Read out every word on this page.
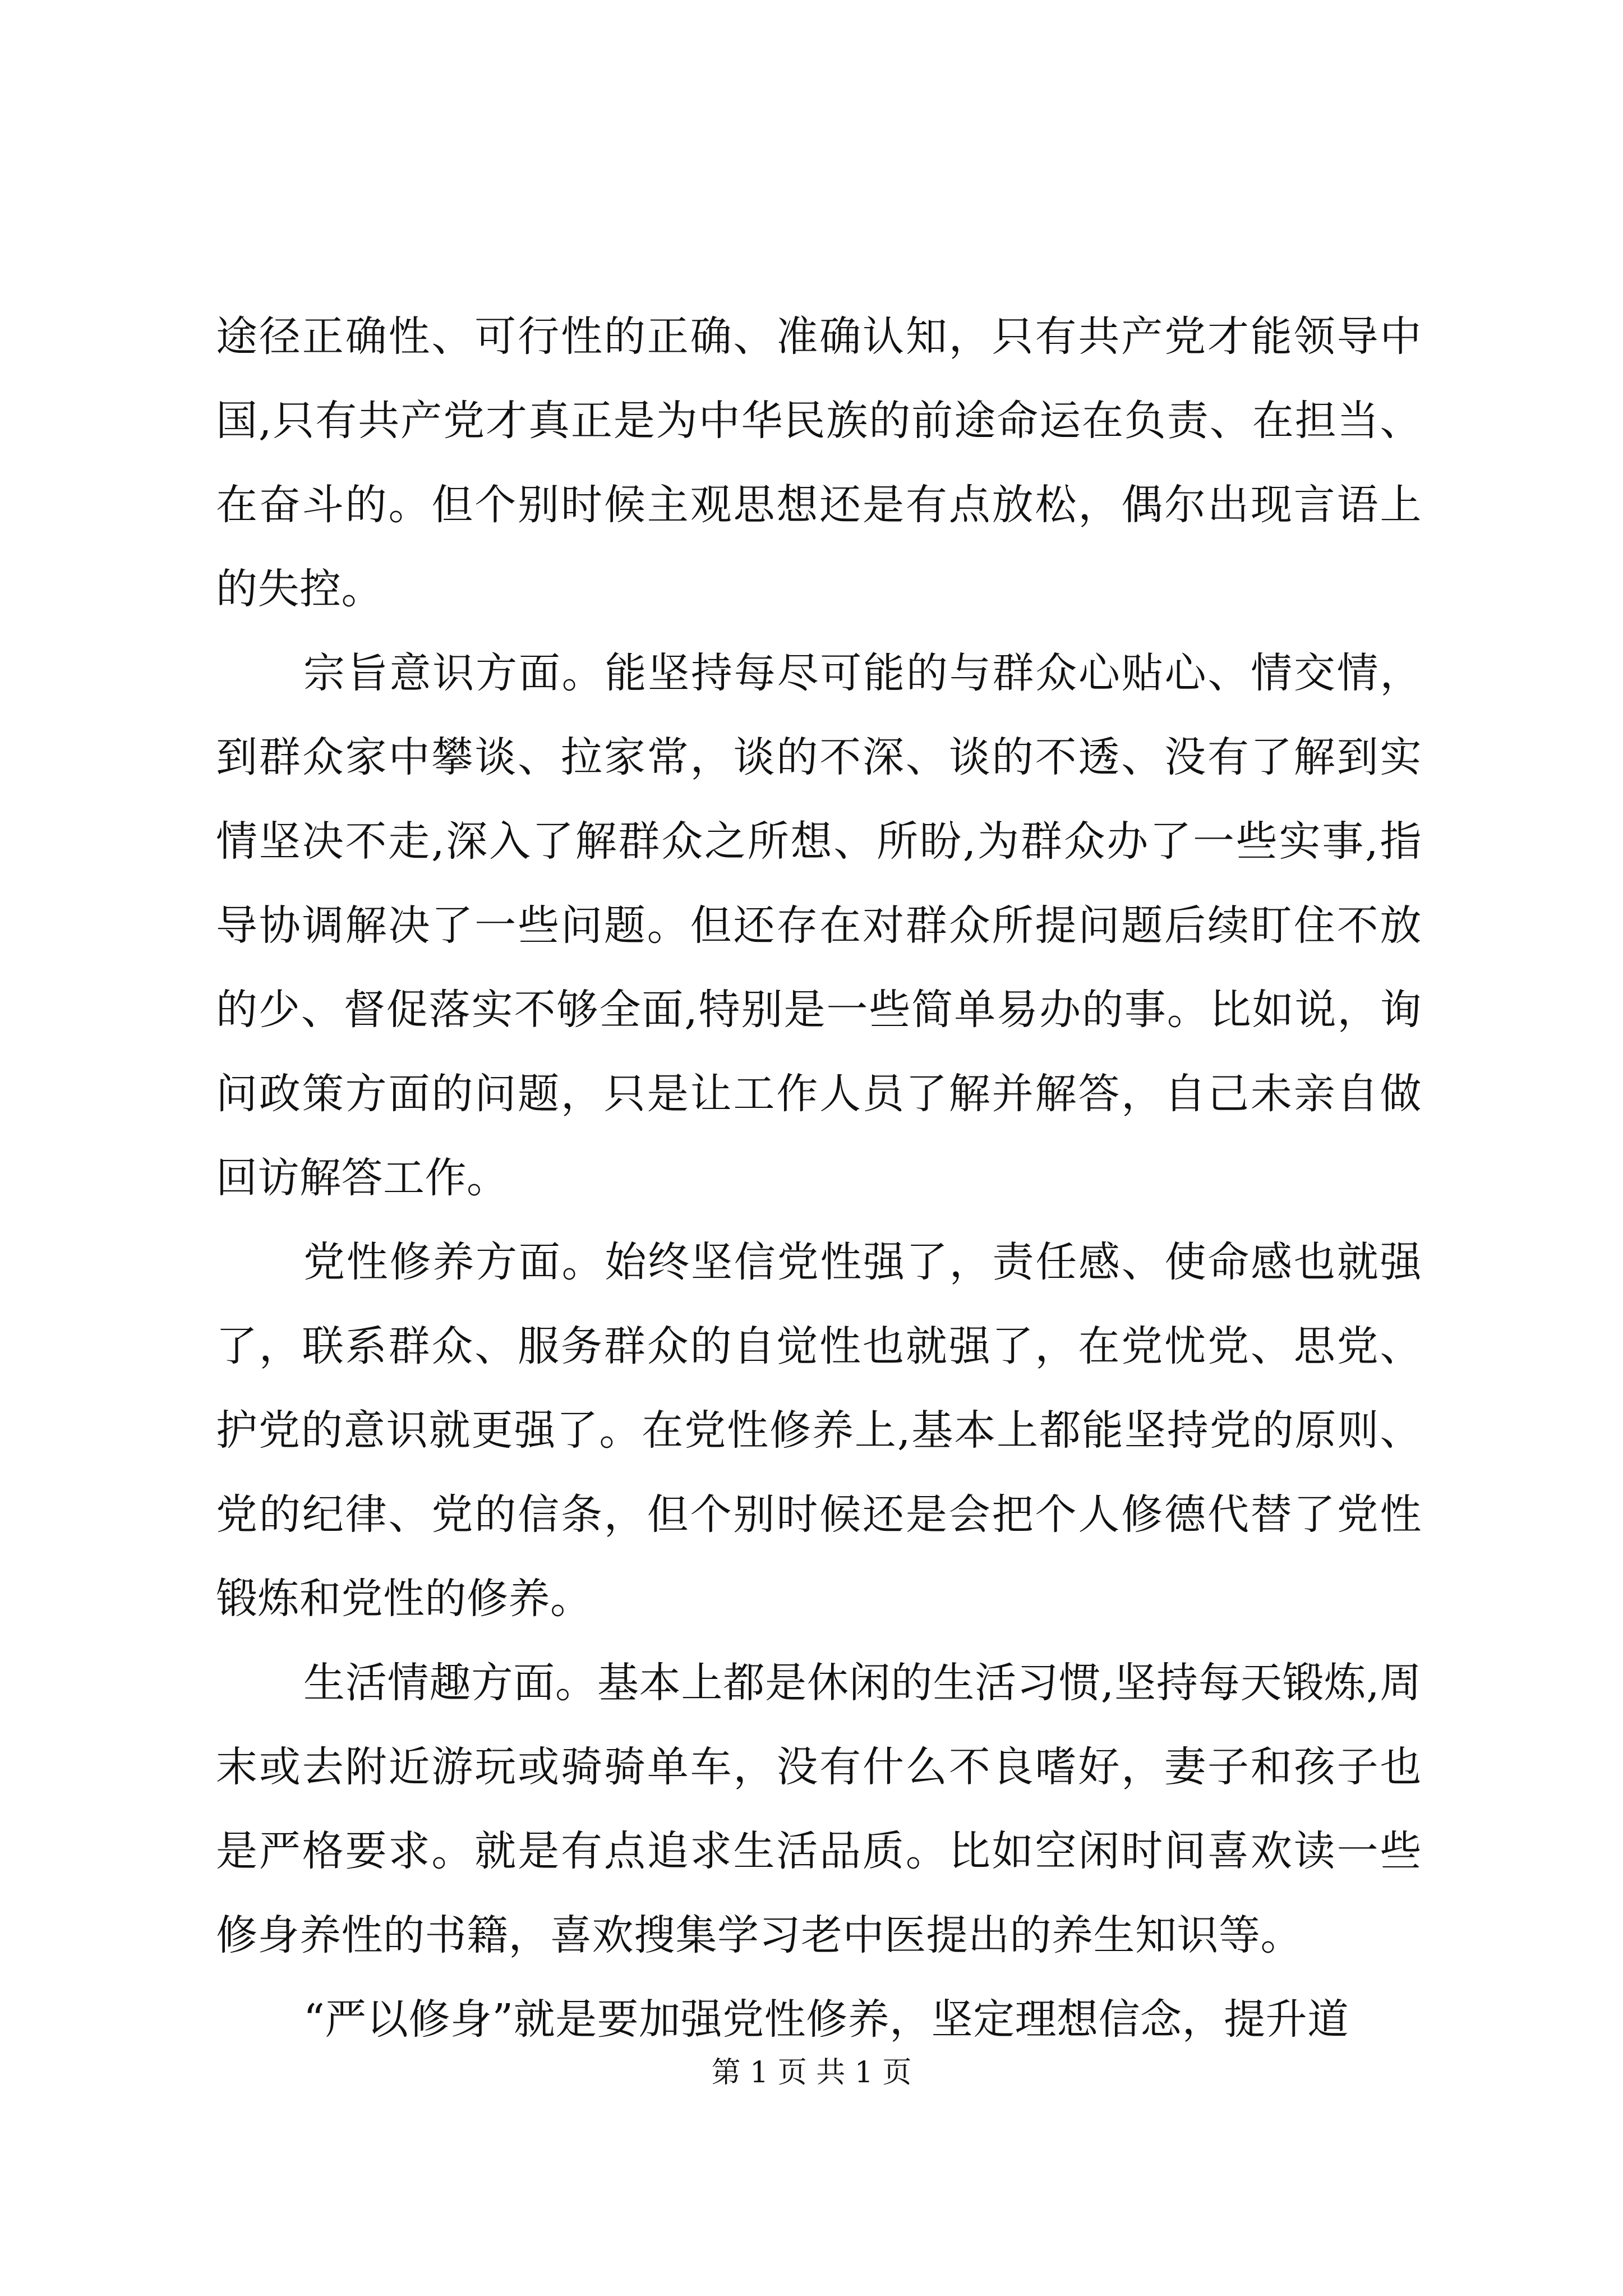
途径正确性、可行性的正确、准确认知，只有共产党才能领导中国,只有共产党才真正是为中华民族的前途命运在负责、在担当、在奋斗的。但个别时候主观思想还是有点放松，偶尔出现言语上的失控。

宗旨意识方面。能坚持每尽可能的与群众心贴心、情交情，到群众家中攀谈、拉家常，谈的不深、谈的不透、没有了解到实情坚决不走,深入了解群众之所想、所盼,为群众办了一些实事,指导协调解决了一些问题。但还存在对群众所提问题后续盯住不放的少、督促落实不够全面,特别是一些简单易办的事。比如说，询问政策方面的问题，只是让工作人员了解并解答，自己未亲自做回访解答工作。

党性修养方面。始终坚信党性强了，责任感、使命感也就强了，联系群众、服务群众的自觉性也就强了，在党忧党、思党、护党的意识就更强了。在党性修养上,基本上都能坚持党的原则、党的纪律、党的信条，但个别时候还是会把个人修德代替了党性锻炼和党性的修养。

生活情趣方面。基本上都是休闲的生活习惯,坚持每天锻炼,周末或去附近游玩或骑骑单车，没有什么不良嗜好，妻子和孩子也是严格要求。就是有点追求生活品质。比如空闲时间喜欢读一些修身养性的书籍，喜欢搜集学习老中医提出的养生知识等。

“严以修身”就是要加强党性修养，坚定理想信念，提升道

第 1 页 共 1 页
